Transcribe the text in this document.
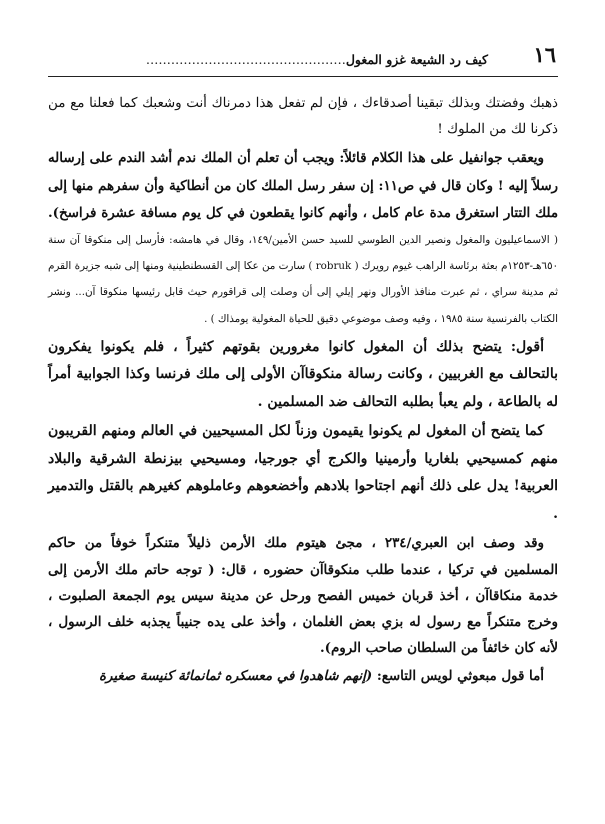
١٦
كيف رد الشيعة غزو المغول…………………………………………

ذهبك وفضتك وبذلك تبقينا أصدقاءك ، فإن لم تفعل هذا دمرناك أنت وشعبك كما فعلنا مع من ذكرنا لك من الملوك !

ويعقب جوانفيل على هذا الكلام قائلاً: ويجب أن تعلم أن الملك ندم أشد الندم على إرساله رسلاً إليه ! وكان قال في ص١١: إن سفر رسل الملك كان من أنطاكية وأن سفرهم منها إلى ملك التتار استغرق مدة عام كامل ، وأنهم كانوا يقطعون في كل يوم مسافة عشرة فراسخ).( الاسماعيليون والمغول ونصير الدين الطوسي للسيد حسن الأمين/١٤٩، وقال في هامشه: فأرسل إلى منكوقا آن سنة ٦٥٠هـ-١٢٥٣م بعثة برئاسة الراهب غيوم رويرك ( robruk ) سارت من عكا إلى القسطنطينية ومنها إلى شبه جزيرة القرم ثم مدينة سراي ، ثم عبرت منافذ الأورال ونهر إيلي إلى أن وصلت إلى قراقورم حيث قابل رئيسها منكوقا آن... ونشر الكتاب بالفرنسية سنة ١٩٨٥ ، وفيه وصف موضوعي دقيق للحياة المغولية يومذاك ) .

أقول: يتضح بذلك أن المغول كانوا مغرورين بقوتهم كثيراً ، فلم يكونوا يفكرون بالتحالف مع الغربيين ، وكانت رسالة منكوقاآن الأولى إلى ملك فرنسا وكذا الجوابية أمراً له بالطاعة ، ولم يعبأ بطلبه التحالف ضد المسلمين .

كما يتضح أن المغول لم يكونوا يقيمون وزناً لكل المسيحيين في العالم ومنهم القريبون منهم كمسيحيي بلغاريا وأرمينيا والكرج أي جورجيا، ومسيحيي بيزنطة الشرقية والبلاد العربية! يدل على ذلك أنهم اجتاحوا بلادهم وأخضعوهم وعاملوهم كغيرهم بالقتل والتدمير .

وقد وصف ابن العبري/٢٣٤ ، مجئ هيتوم ملك الأرمن ذليلاً متنكراً خوفاً من حاكم المسلمين في تركيا ، عندما طلب منكوقاآن حضوره ، قال: ( توجه حاتم ملك الأرمن إلى خدمة منكاقاآن ، أخذ قربان خميس الفصح ورحل عن مدينة سيس يوم الجمعة الصلبوت ، وخرج متنكراً مع رسول له بزي بعض الغلمان ، وأخذ على يده جنيباً يجذبه خلف الرسول ، لأنه كان خائفاً من السلطان صاحب الروم).

أما قول مبعوثي لويس التاسع: (إنهم شاهدوا في معسكره ثمانمائة كنيسة صغيرة
